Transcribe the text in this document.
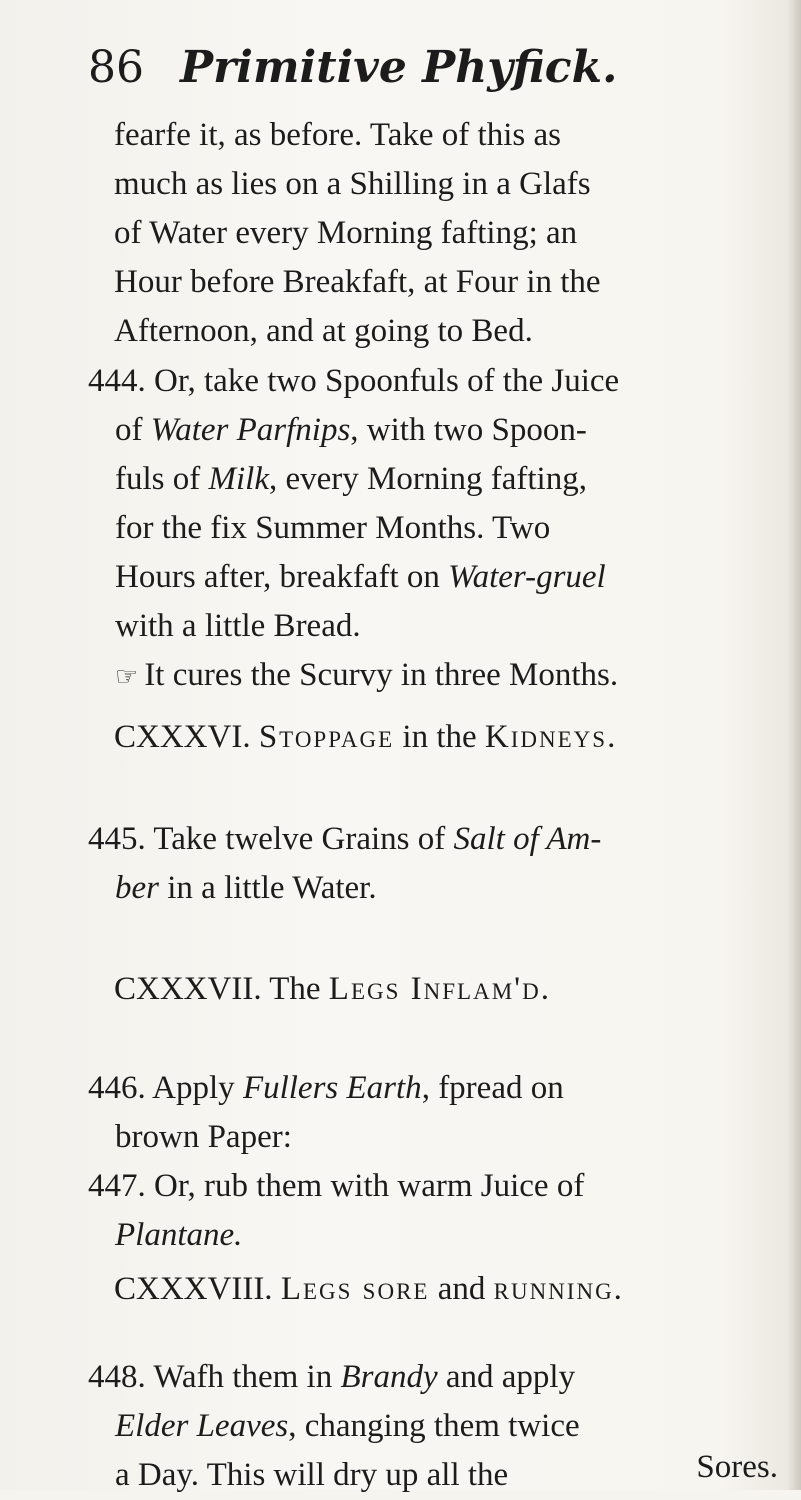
86 Primitive Phyfick.
fearfe it, as before. Take of this as
much as lies on a Shilling in a Glafs
of Water every Morning fafting; an
Hour before Breakfaft, at Four in the
Afternoon, and at going to Bed.
444. Or, take two Spoonfuls of the Juice
of Water Parfnips, with two Spoon-
fuls of Milk, every Morning fafting,
for the fix Summer Months. Two
Hours after, breakfaft on Water-gruel
with a little Bread.
☞ It cures the Scurvy in three Months.
CXXXVI. Stoppage in the Kidneys.
445. Take twelve Grains of Salt of Am-
ber in a little Water.
CXXXVII. The Legs Inflam'd.
446. Apply Fullers Earth, fpread on
brown Paper:
447. Or, rub them with warm Juice of
Plantane.
CXXXVIII. Legs sore and running.
448. Wafh them in Brandy and apply
Elder Leaves, changing them twice
a Day. This will dry up all the	Sores.
